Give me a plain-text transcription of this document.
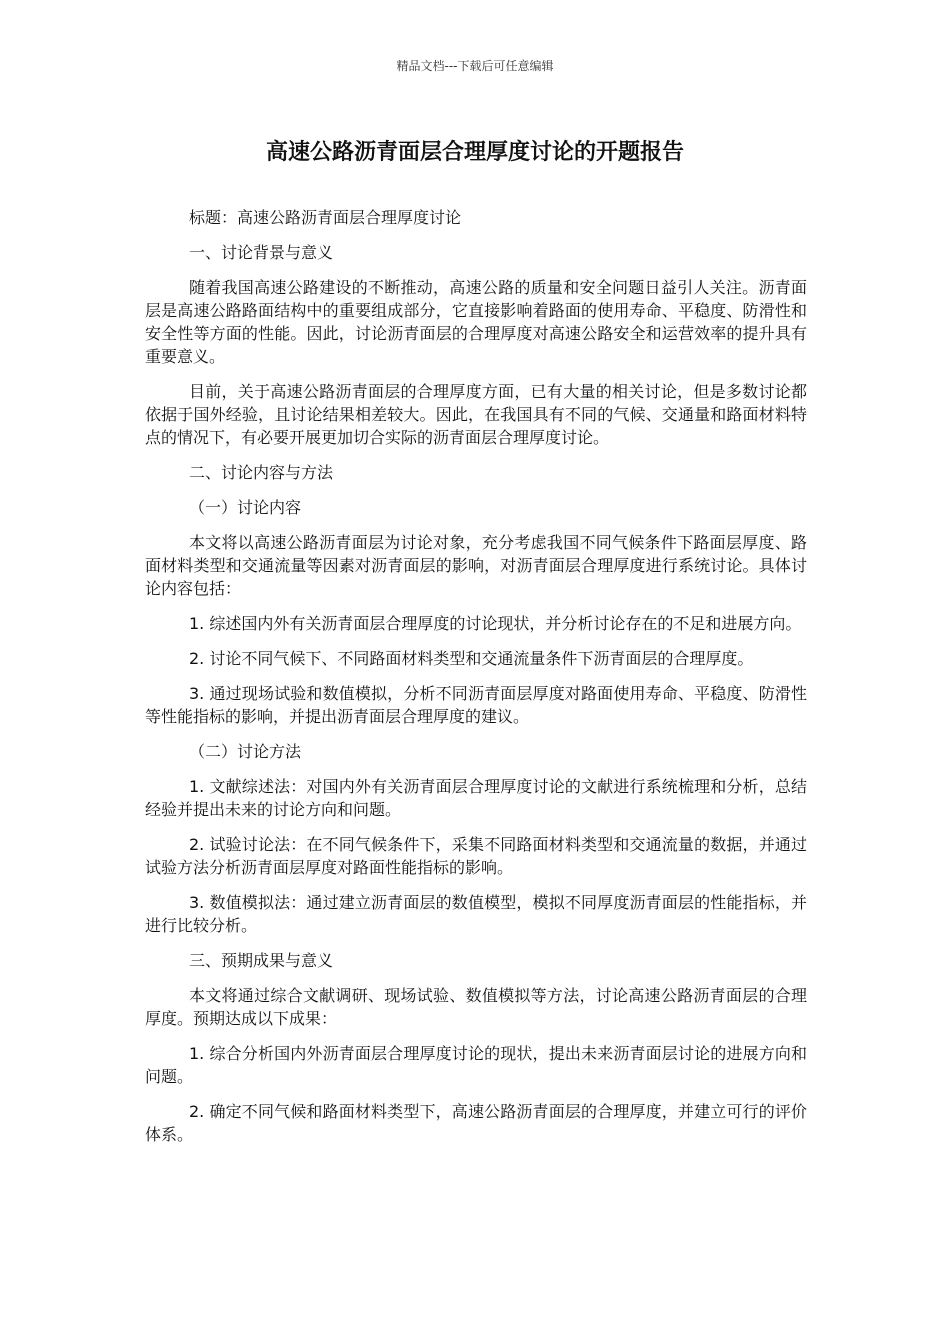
精品文档---下载后可任意编辑
高速公路沥青面层合理厚度讨论的开题报告

标题：高速公路沥青面层合理厚度讨论

一、讨论背景与意义

随着我国高速公路建设的不断推动，高速公路的质量和安全问题日益引人关注。沥青面层是高速公路路面结构中的重要组成部分，它直接影响着路面的使用寿命、平稳度、防滑性和安全性等方面的性能。因此，讨论沥青面层的合理厚度对高速公路安全和运营效率的提升具有重要意义。

目前，关于高速公路沥青面层的合理厚度方面，已有大量的相关讨论，但是多数讨论都依据于国外经验，且讨论结果相差较大。因此，在我国具有不同的气候、交通量和路面材料特点的情况下，有必要开展更加切合实际的沥青面层合理厚度讨论。

二、讨论内容与方法

（一）讨论内容

本文将以高速公路沥青面层为讨论对象，充分考虑我国不同气候条件下路面层厚度、路面材料类型和交通流量等因素对沥青面层的影响，对沥青面层合理厚度进行系统讨论。具体讨论内容包括：

1. 综述国内外有关沥青面层合理厚度的讨论现状，并分析讨论存在的不足和进展方向。

2. 讨论不同气候下、不同路面材料类型和交通流量条件下沥青面层的合理厚度。

3. 通过现场试验和数值模拟，分析不同沥青面层厚度对路面使用寿命、平稳度、防滑性等性能指标的影响，并提出沥青面层合理厚度的建议。

（二）讨论方法

1. 文献综述法：对国内外有关沥青面层合理厚度讨论的文献进行系统梳理和分析，总结经验并提出未来的讨论方向和问题。

2. 试验讨论法：在不同气候条件下，采集不同路面材料类型和交通流量的数据，并通过试验方法分析沥青面层厚度对路面性能指标的影响。

3. 数值模拟法：通过建立沥青面层的数值模型，模拟不同厚度沥青面层的性能指标，并进行比较分析。

三、预期成果与意义

本文将通过综合文献调研、现场试验、数值模拟等方法，讨论高速公路沥青面层的合理厚度。预期达成以下成果：

1. 综合分析国内外沥青面层合理厚度讨论的现状，提出未来沥青面层讨论的进展方向和问题。

2. 确定不同气候和路面材料类型下，高速公路沥青面层的合理厚度，并建立可行的评价体系。
